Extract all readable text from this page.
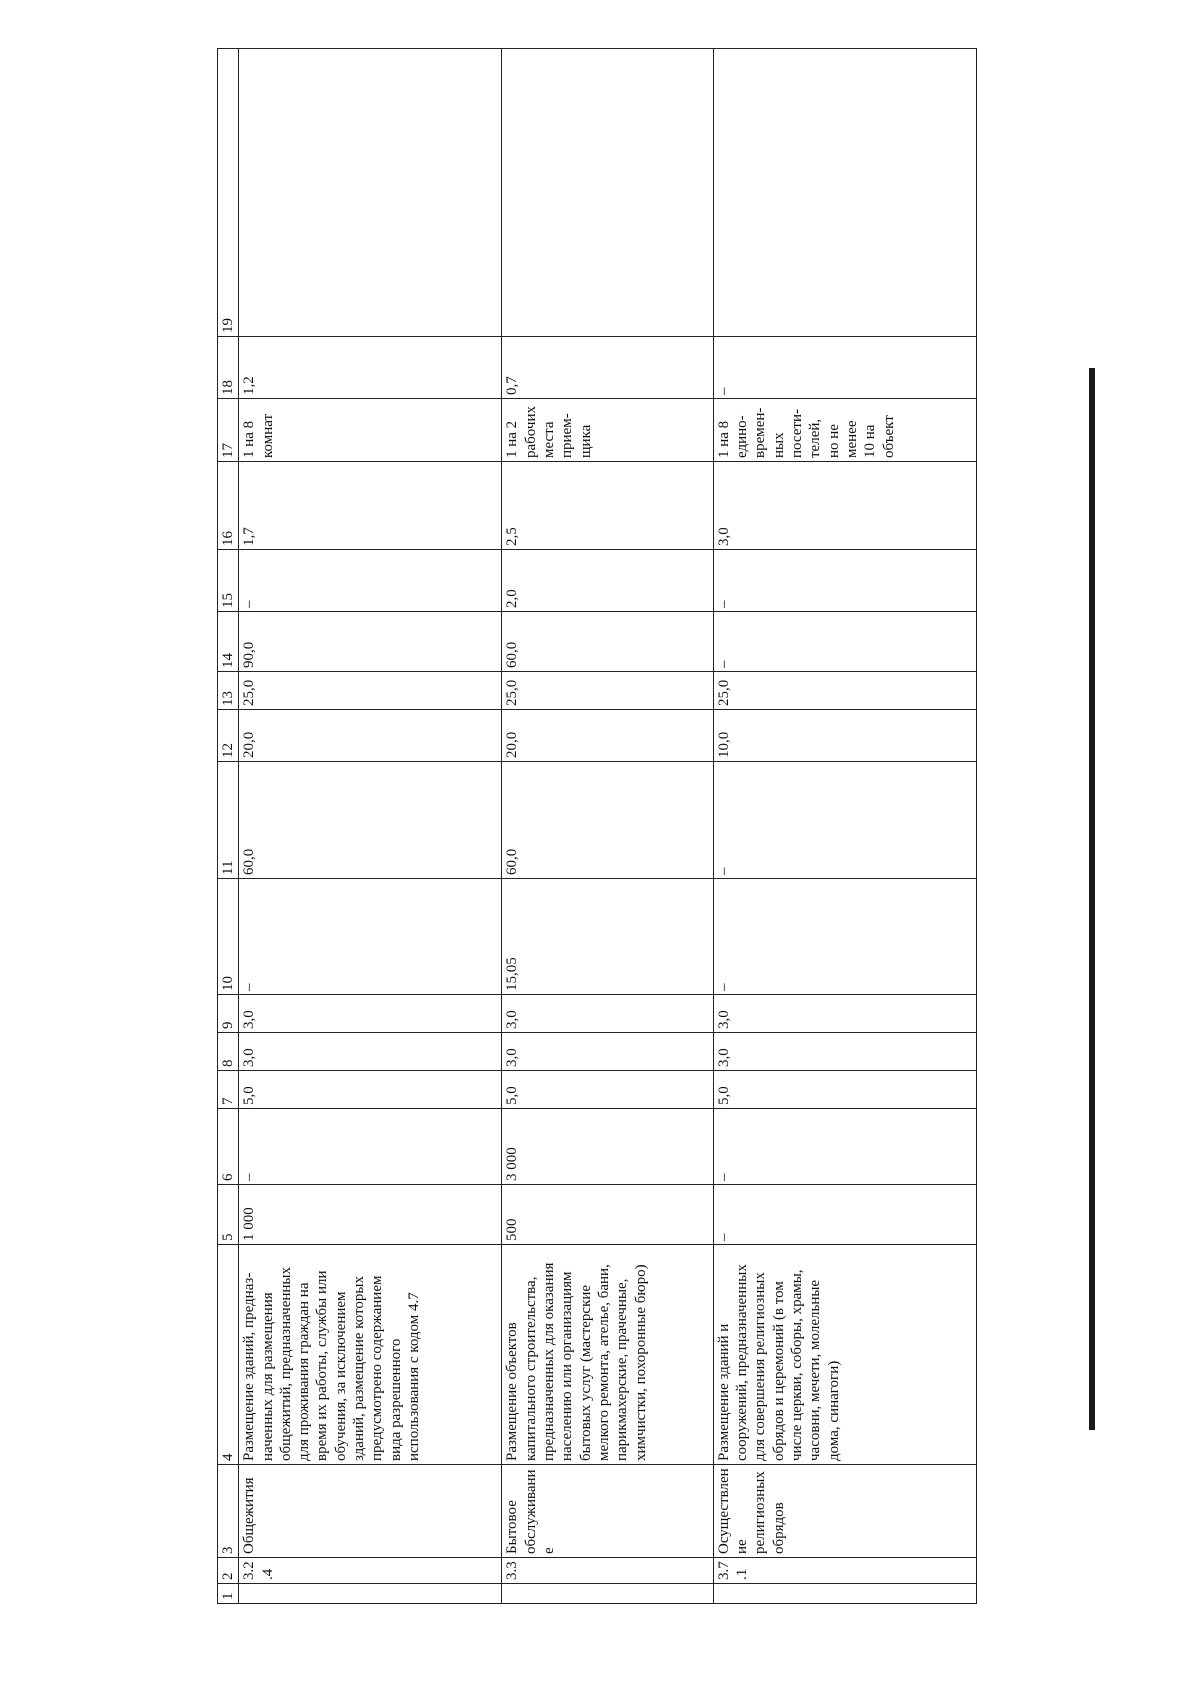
1	2	3	4	5	6	7	8	9	10	11	12	13	14	15	16	17	18	19
	3.2.4	Общежития	Размещение зданий, предназ-наченных для размещения общежитий, предназначенных для проживания граждан на время их работы, службы или обучения, за исключением зданий, размещение которых предусмотрено содержанием вида разрешенного использования с кодом 4.7	1 000	–	5,0	3,0	3,0	–	60,0	20,0	25,0	90,0	–	1,7	1 на 8 комнат	1,2	
	3.3	Бытовое обслуживание	Размещение объектов капитального строительства, предназначенных для оказания населению или организациям бытовых услуг (мастерские мелкого ремонта, ателье, бани, парикмахерские, прачечные, химчистки, похоронные бюро)	500	3 000	5,0	3,0	3,0	15,05	60,0	20,0	25,0	60,0	2,0	2,5	1 на 2 рабочих места прием-щика	0,7	
	3.7.1	Осуществление религиозных обрядов	Размещение зданий и сооружений, предназначенных для совершения религиозных обрядов и церемоний (в том числе церкви, соборы, храмы, часовни, мечети, молельные дома, синагоги)	–	–	5,0	3,0	3,0	–	–	10,0	25,0	–	–	3,0	1 на 8 едино-времен-ных посети-телей, но не менее 10 на объект	–	
